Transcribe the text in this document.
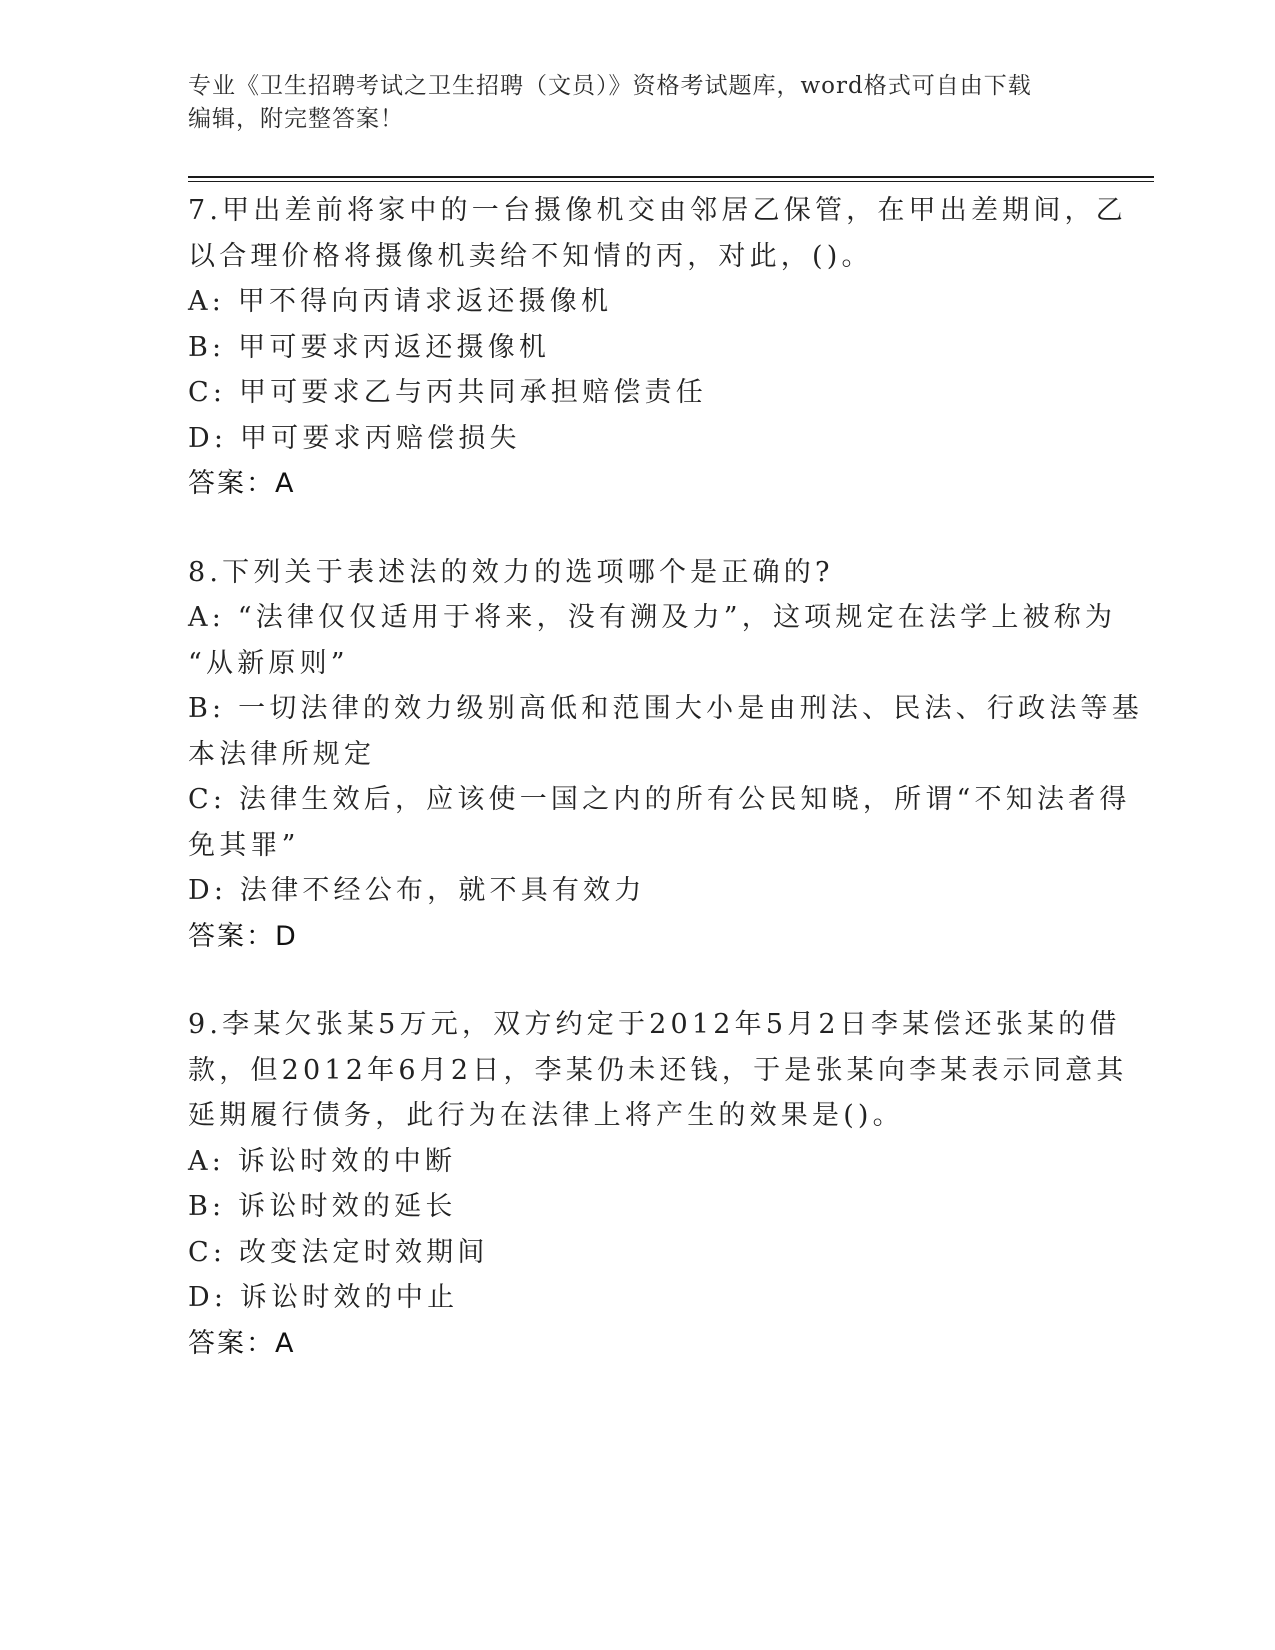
专业《卫生招聘考试之卫生招聘（文员）》资格考试题库，word格式可自由下载
编辑，附完整答案！
7.甲出差前将家中的一台摄像机交由邻居乙保管，在甲出差期间，乙
以合理价格将摄像机卖给不知情的丙，对此，()。
A: 甲不得向丙请求返还摄像机
B: 甲可要求丙返还摄像机
C: 甲可要求乙与丙共同承担赔偿责任
D: 甲可要求丙赔偿损失
答案：A
8.下列关于表述法的效力的选项哪个是正确的?
A: “法律仅仅适用于将来，没有溯及力”，这项规定在法学上被称为
“从新原则”
B: 一切法律的效力级别高低和范围大小是由刑法、民法、行政法等基
本法律所规定
C: 法律生效后，应该使一国之内的所有公民知晓，所谓“不知法者得
免其罪”
D: 法律不经公布，就不具有效力
答案：D
9.李某欠张某5万元，双方约定于2012年5月2日李某偿还张某的借
款，但2012年6月2日，李某仍未还钱，于是张某向李某表示同意其
延期履行债务，此行为在法律上将产生的效果是()。
A: 诉讼时效的中断
B: 诉讼时效的延长
C: 改变法定时效期间
D: 诉讼时效的中止
答案：A
